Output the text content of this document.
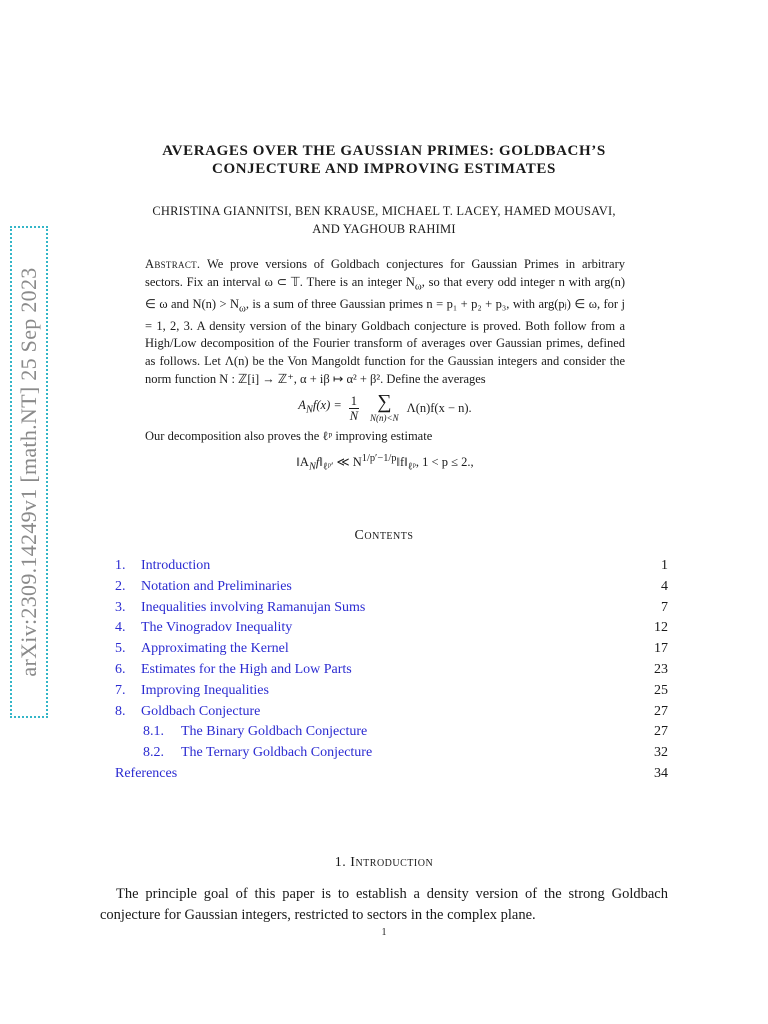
arXiv:2309.14249v1 [math.NT] 25 Sep 2023
AVERAGES OVER THE GAUSSIAN PRIMES: GOLDBACH’S
CONJECTURE AND IMPROVING ESTIMATES
CHRISTINA GIANNITSI, BEN KRAUSE, MICHAEL T. LACEY, HAMED MOUSAVI,
AND YAGHOUB RAHIMI
Abstract. We prove versions of Goldbach conjectures for Gaussian Primes in arbitrary sectors. Fix an interval ω ⊂ 𝕋. There is an integer $N_\omega$, so that every odd integer n with arg(n) ∈ ω and $N(n) > N_\omega$, is a sum of three Gaussian primes n = p₁ + p₂ + p₃, with arg(pⱼ) ∈ ω, for j = 1, 2, 3. A density version of the binary Goldbach conjecture is proved. Both follow from a High/Low decomposition of the Fourier transform of averages over Gaussian primes, defined as follows. Let Λ(n) be the Von Mangoldt function for the Gaussian integers and consider the norm function N : ℤ[i] → ℤ⁺, α + iβ ↦ α² + β². Define the averages
$A_Nf(x) = \frac{1}{N}$ ∑
N(n)<N
Λ(n)f(x − n).
Our decomposition also proves the ℓᵖ improving estimate
$‖A_Nf‖_{\ell ᵖ'}$ ≪ $N^{1/p'-1/p}‖f‖_{\ell ᵖ}$, 1 < p ≤ 2.,
Contents
1. Introduction	1
2. Notation and Preliminaries	4
3. Inequalities involving Ramanujan Sums	7
4. The Vinogradov Inequality	12
5. Approximating the Kernel	17
6. Estimates for the High and Low Parts	23
7. Improving Inequalities	25
8. Goldbach Conjecture	27
8.1. The Binary Goldbach Conjecture	27
8.2. The Ternary Goldbach Conjecture	32
References	34
1. Introduction
The principle goal of this paper is to establish a density version of the strong Goldbach conjecture for Gaussian integers, restricted to sectors in the complex plane.
1
